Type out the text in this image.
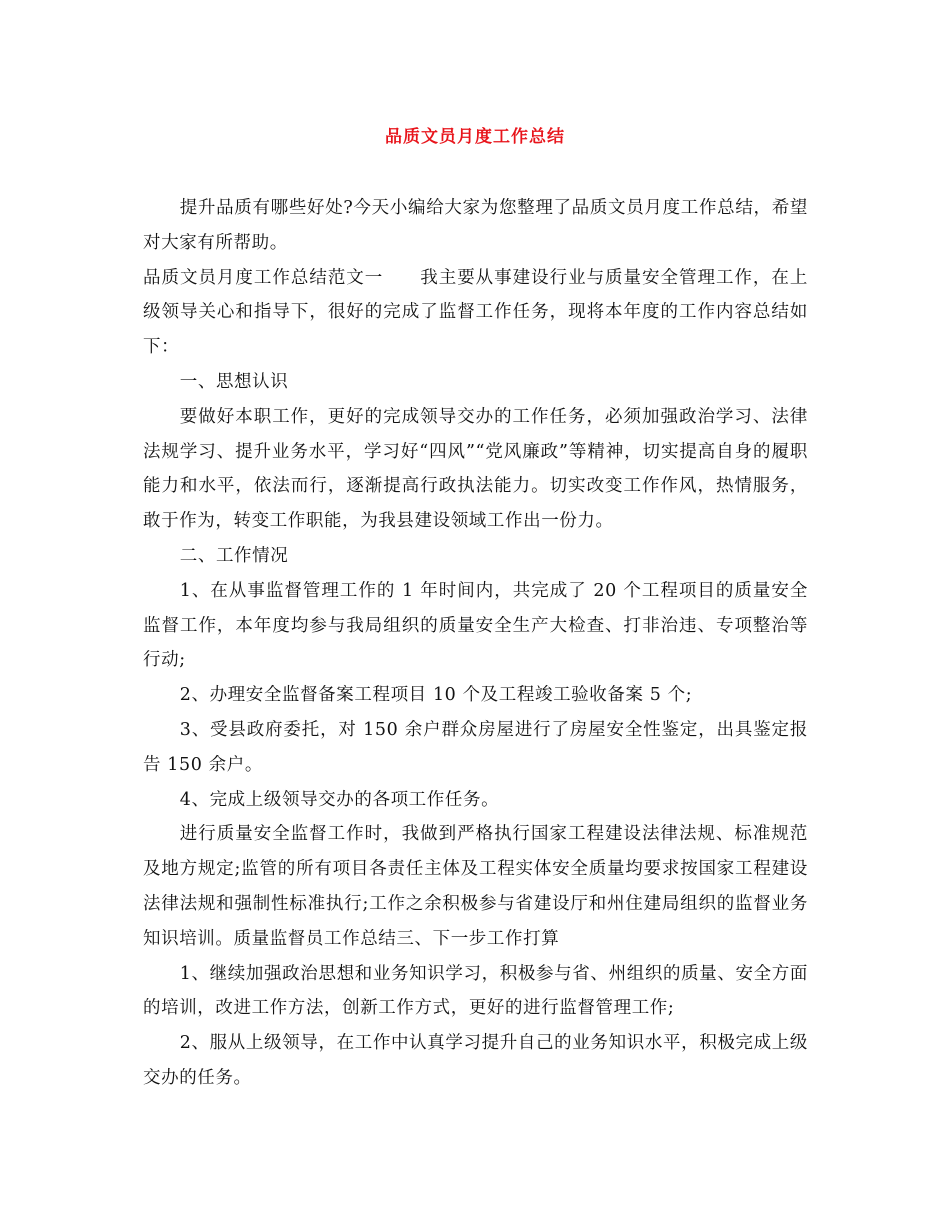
品质文员月度工作总结

提升品质有哪些好处?今天小编给大家为您整理了品质文员月度工作总结，希望对大家有所帮助。

品质文员月度工作总结范文一　　我主要从事建设行业与质量安全管理工作，在上级领导关心和指导下，很好的完成了监督工作任务，现将本年度的工作内容总结如下：

一、思想认识

要做好本职工作，更好的完成领导交办的工作任务，必须加强政治学习、法律法规学习、提升业务水平，学习好“四风”“党风廉政”等精神，切实提高自身的履职能力和水平，依法而行，逐渐提高行政执法能力。切实改变工作作风，热情服务，敢于作为，转变工作职能，为我县建设领域工作出一份力。

二、工作情况

1、在从事监督管理工作的 1 年时间内，共完成了 20 个工程项目的质量安全监督工作，本年度均参与我局组织的质量安全生产大检查、打非治违、专项整治等行动;

2、办理安全监督备案工程项目 10 个及工程竣工验收备案 5 个;

3、受县政府委托，对 150 余户群众房屋进行了房屋安全性鉴定，出具鉴定报告 150 余户。

4、完成上级领导交办的各项工作任务。

进行质量安全监督工作时，我做到严格执行国家工程建设法律法规、标准规范及地方规定;监管的所有项目各责任主体及工程实体安全质量均要求按国家工程建设法律法规和强制性标准执行;工作之余积极参与省建设厅和州住建局组织的监督业务知识培训。质量监督员工作总结三、下一步工作打算

1、继续加强政治思想和业务知识学习，积极参与省、州组织的质量、安全方面的培训，改进工作方法，创新工作方式，更好的进行监督管理工作;

2、服从上级领导，在工作中认真学习提升自己的业务知识水平，积极完成上级交办的任务。
